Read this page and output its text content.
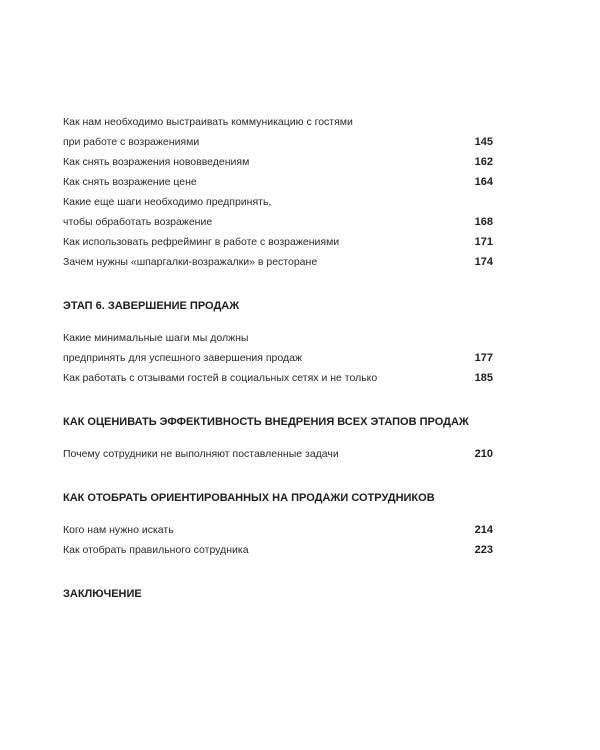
Как нам необходимо выстраивать коммуникацию с гостями
при работе с возражениями	145
Как снять возражения нововведениям	162
Как снять возражение цене	164
Какие еще шаги необходимо предпринять,
чтобы обработать возражение	168
Как использовать рефрейминг в работе с возражениями	171
Зачем нужны «шпаргалки-возражалки» в ресторане	174
ЭТАП 6. ЗАВЕРШЕНИЕ ПРОДАЖ
Какие минимальные шаги мы должны
предпринять для успешного завершения продаж	177
Как работать с отзывами гостей в социальных сетях и не только	185
КАК ОЦЕНИВАТЬ ЭФФЕКТИВНОСТЬ ВНЕДРЕНИЯ ВСЕХ ЭТАПОВ ПРОДАЖ
Почему сотрудники не выполняют поставленные задачи	210
КАК ОТОБРАТЬ ОРИЕНТИРОВАННЫХ НА ПРОДАЖИ СОТРУДНИКОВ
Кого нам нужно искать	214
Как отобрать правильного сотрудника	223
ЗАКЛЮЧЕНИЕ
